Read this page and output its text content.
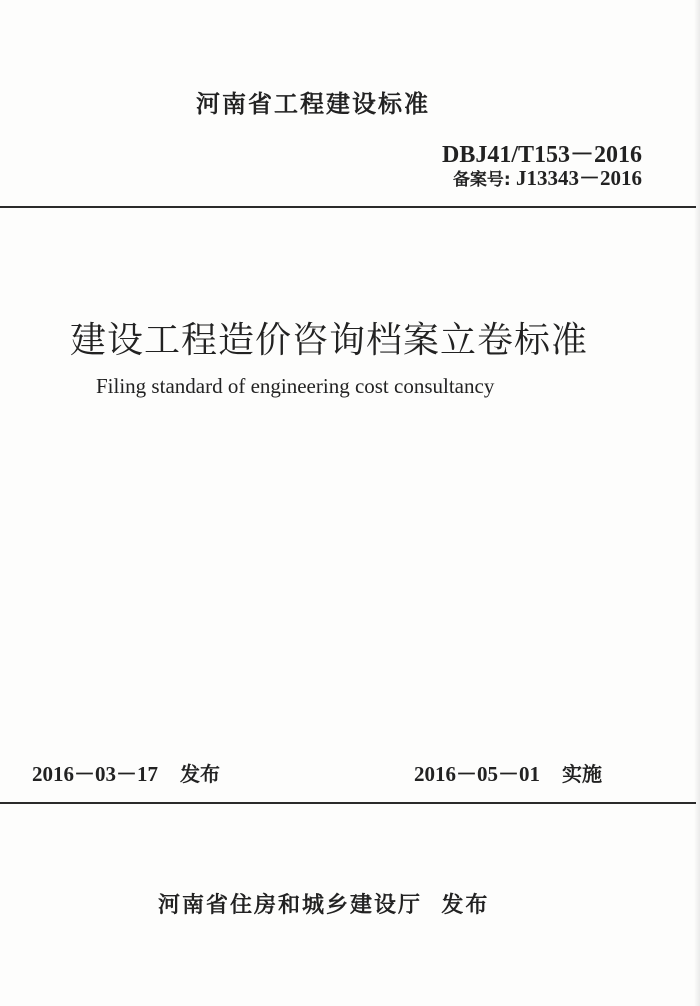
河南省工程建设标准
DBJ41/T153－2016
备案号: J13343－2016
建设工程造价咨询档案立卷标准
Filing standard of engineering cost consultancy
2016－03－17 发布	2016－05－01 实施
河南省住房和城乡建设厅 发布
